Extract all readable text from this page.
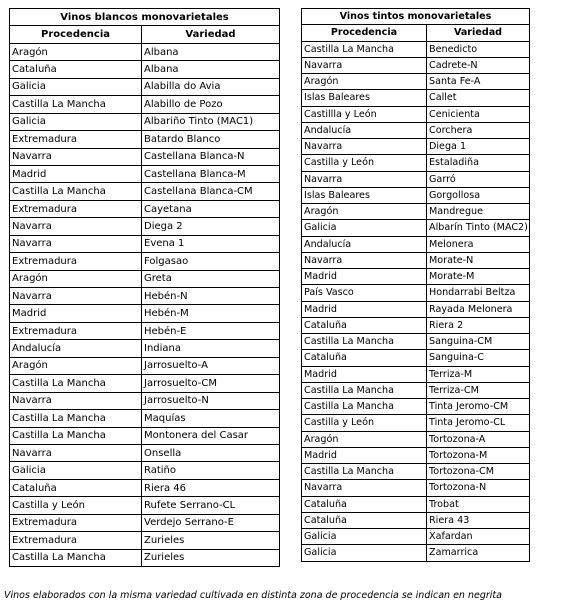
Vinos blancos monovarietales	
Procedencia	Variedad
Aragón	Albana
Cataluña	Albana
Galicia	Alabilla do Avia
Castilla La Mancha	Alabillo de Pozo
Galicia	Albariño Tinto (MAC1)
Extremadura	Batardo Blanco
Navarra	Castellana Blanca-N
Madrid	Castellana Blanca-M
Castilla La Mancha	Castellana Blanca-CM
Extremadura	Cayetana
Navarra	Diega 2
Navarra	Evena 1
Extremadura	Folgasao
Aragón	Greta
Navarra	Hebén-N
Madrid	Hebén-M
Extremadura	Hebén-E
Andalucía	Indiana
Aragón	Jarrosuelto-A
Castilla La Mancha	Jarrosuelto-CM
Navarra	Jarrosuelto-N
Castilla La Mancha	Maquías
Castilla La Mancha	Montonera del Casar
Navarra	Onsella
Galicia	Ratiño
Cataluña	Riera 46
Castilla y León	Rufete Serrano-CL
Extremadura	Verdejo Serrano-E
Extremadura	Zurieles
Castilla La Mancha	Zurieles
Vinos tintos monovarietales	
Procedencia	Variedad
Castilla La Mancha	Benedicto
Navarra	Cadrete-N
Aragón	Santa Fe-A
Islas Baleares	Callet
Castillla y León	Cenicienta
Andalucía	Corchera
Navarra	Diega 1
Castilla y León	Estaladiña
Navarra	Garró
Islas Baleares	Gorgollosa
Aragón	Mandregue
Galicia	Albarín Tinto (MAC2)
Andalucía	Melonera
Navarra	Morate-N
Madrid	Morate-M
País Vasco	Hondarrabi Beltza
Madrid	Rayada Melonera
Cataluña	Riera 2
Castilla La Mancha	Sanguina-CM
Cataluña	Sanguina-C
Madrid	Terriza-M
Castilla La Mancha	Terriza-CM
Castilla La Mancha	Tinta Jeromo-CM
Castilla y León	Tinta Jeromo-CL
Aragón	Tortozona-A
Madrid	Tortozona-M
Castilla La Mancha	Tortozona-CM
Navarra	Tortozona-N
Cataluña	Trobat
Cataluña	Riera 43
Galicia	Xafardan
Galicia	Zamarrica
Vinos elaborados con la misma variedad cultivada en distinta zona de procedencia se indican en negrita
